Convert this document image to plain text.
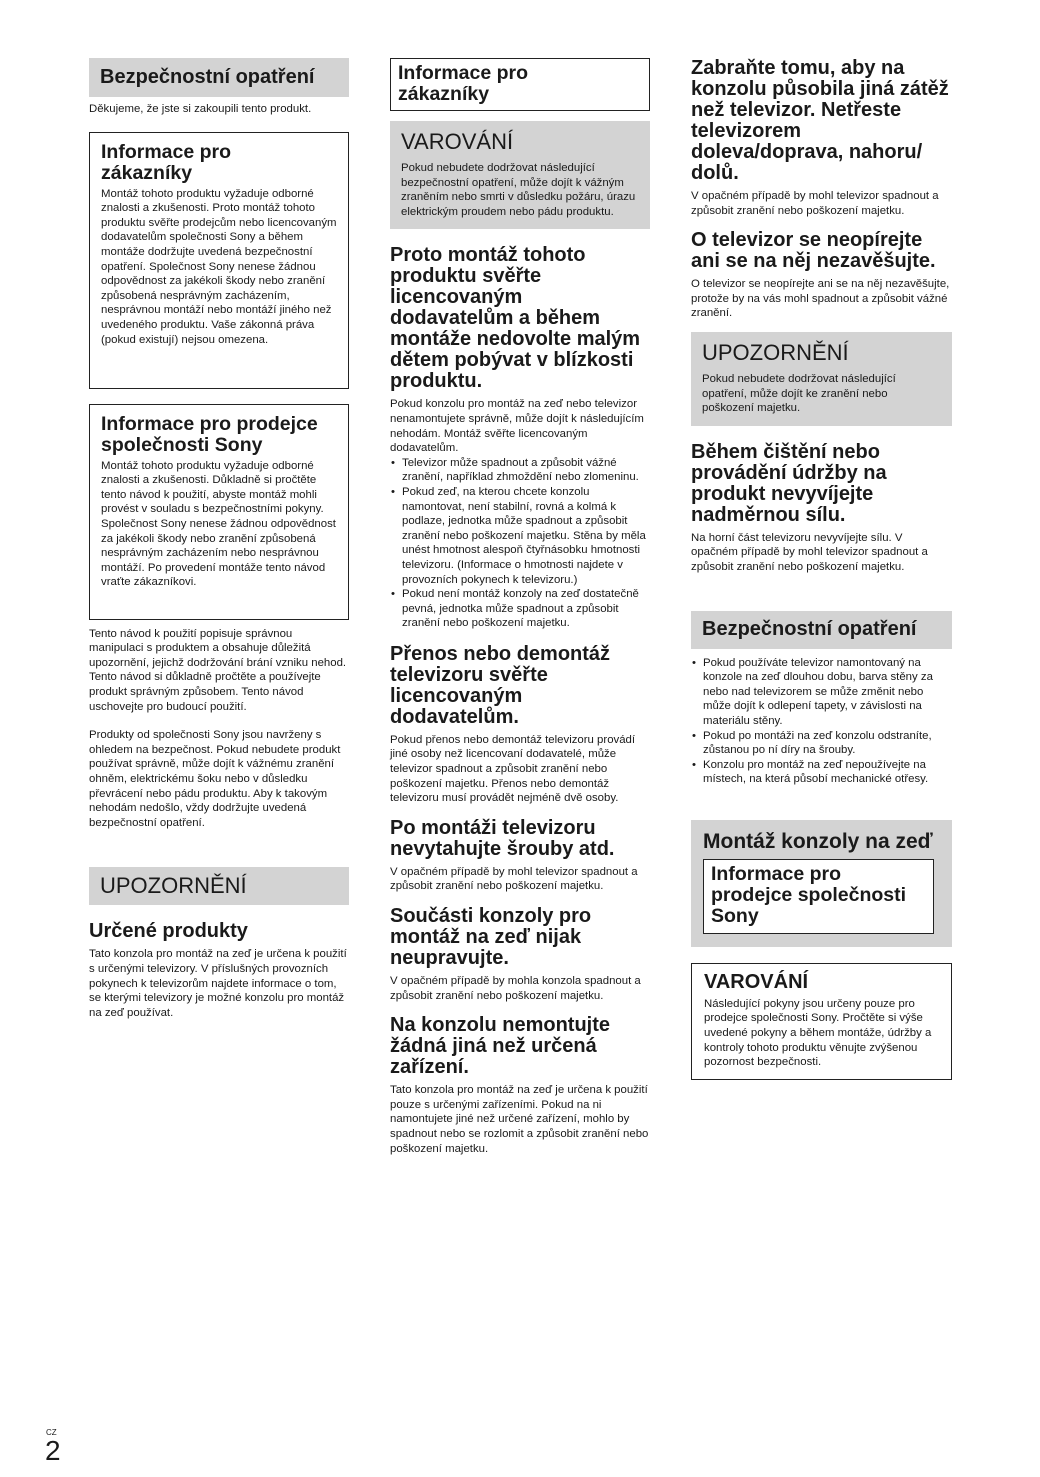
Bezpečnostní opatření
Děkujeme, že jste si zakoupili tento produkt.
Informace pro zákazníky
Montáž tohoto produktu vyžaduje odborné znalosti a zkušenosti. Proto montáž tohoto produktu svěřte prodejcům nebo licencovaným dodavatelům společnosti Sony a během montáže dodržujte uvedená bezpečnostní opatření. Společnost Sony nenese žádnou odpovědnost za jakékoli škody nebo zranění způsobená nesprávným zacházením, nesprávnou montáží nebo montáží jiného než uvedeného produktu. Vaše zákonná práva (pokud existují) nejsou omezena.
Informace pro prodejce společnosti Sony
Montáž tohoto produktu vyžaduje odborné znalosti a zkušenosti. Důkladně si pročtěte tento návod k použití, abyste montáž mohli provést v souladu s bezpečnostními pokyny. Společnost Sony nenese žádnou odpovědnost za jakékoli škody nebo zranění způsobená nesprávným zacházením nebo nesprávnou montáží. Po provedení montáže tento návod vraťte zákazníkovi.
Tento návod k použití popisuje správnou manipulaci s produktem a obsahuje důležitá upozornění, jejichž dodržování brání vzniku nehod. Tento návod si důkladně pročtěte a používejte produkt správným způsobem. Tento návod uschovejte pro budoucí použití.
Produkty od společnosti Sony jsou navrženy s ohledem na bezpečnost. Pokud nebudete produkt používat správně, může dojít k vážnému zranění ohněm, elektrickému šoku nebo v důsledku převrácení nebo pádu produktu. Aby k takovým nehodám nedošlo, vždy dodržujte uvedená bezpečnostní opatření.
UPOZORNĚNÍ
Určené produkty
Tato konzola pro montáž na zeď je určena k použití s určenými televizory. V příslušných provozních pokynech k televizorům najdete informace o tom, se kterými televizory je možné konzolu pro montáž na zeď používat.
Informace pro zákazníky
VAROVÁNÍ
Pokud nebudete dodržovat následující bezpečnostní opatření, může dojít k vážným zraněním nebo smrti v důsledku požáru, úrazu elektrickým proudem nebo pádu produktu.
Proto montáž tohoto produktu svěřte licencovaným dodavatelům a během montáže nedovolte malým dětem pobývat v blízkosti produktu.
Pokud konzolu pro montáž na zeď nebo televizor nenamontujete správně, může dojít k následujícím nehodám. Montáž svěřte licencovaným dodavatelům.
• Televizor může spadnout a způsobit vážné zranění, například zhmoždění nebo zlomeninu.
• Pokud zeď, na kterou chcete konzolu namontovat, není stabilní, rovná a kolmá k podlaze, jednotka může spadnout a způsobit zranění nebo poškození majetku. Stěna by měla unést hmotnost alespoň čtyřnásobku hmotnosti televizoru. (Informace o hmotnosti najdete v provozních pokynech k televizoru.)
• Pokud není montáž konzoly na zeď dostatečně pevná, jednotka může spadnout a způsobit zranění nebo poškození majetku.
Přenos nebo demontáž televizoru svěřte licencovaným dodavatelům.
Pokud přenos nebo demontáž televizoru provádí jiné osoby než licencovaní dodavatelé, může televizor spadnout a způsobit zranění nebo poškození majetku. Přenos nebo demontáž televizoru musí provádět nejméně dvě osoby.
Po montáži televizoru nevytahujte šrouby atd.
V opačném případě by mohl televizor spadnout a způsobit zranění nebo poškození majetku.
Součásti konzoly pro montáž na zeď nijak neupravujte.
V opačném případě by mohla konzola spadnout a způsobit zranění nebo poškození majetku.
Na konzolu nemontujte žádná jiná než určená zařízení.
Tato konzola pro montáž na zeď je určena k použití pouze s určenými zařízeními. Pokud na ni namontujete jiné než určené zařízení, mohlo by spadnout nebo se rozlomit a způsobit zranění nebo poškození majetku.
Zabraňte tomu, aby na konzolu působila jiná zátěž než televizor. Netřeste televizorem doleva/doprava, nahoru/ dolů.
V opačném případě by mohl televizor spadnout a způsobit zranění nebo poškození majetku.
O televizor se neopírejte ani se na něj nezavěšujte.
O televizor se neopírejte ani se na něj nezavěšujte, protože by na vás mohl spadnout a způsobit vážné zranění.
UPOZORNĚNÍ
Pokud nebudete dodržovat následující opatření, může dojít ke zranění nebo poškození majetku.
Během čištění nebo provádění údržby na produkt nevyvíjejte nadměrnou sílu.
Na horní část televizoru nevyvíjejte sílu. V opačném případě by mohl televizor spadnout a způsobit zranění nebo poškození majetku.
Bezpečnostní opatření
• Pokud používáte televizor namontovaný na konzole na zeď dlouhou dobu, barva stěny za nebo nad televizorem se může změnit nebo může dojít k odlepení tapety, v závislosti na materiálu stěny.
• Pokud po montáži na zeď konzolu odstraníte, zůstanou po ní díry na šrouby.
• Konzolu pro montáž na zeď nepoužívejte na místech, na která působí mechanické otřesy.
Montáž konzoly na zeď
Informace pro prodejce společnosti Sony
VAROVÁNÍ
Následující pokyny jsou určeny pouze pro prodejce společnosti Sony. Pročtěte si výše uvedené pokyny a během montáže, údržby a kontroly tohoto produktu věnujte zvýšenou pozornost bezpečnosti.
CZ
2
